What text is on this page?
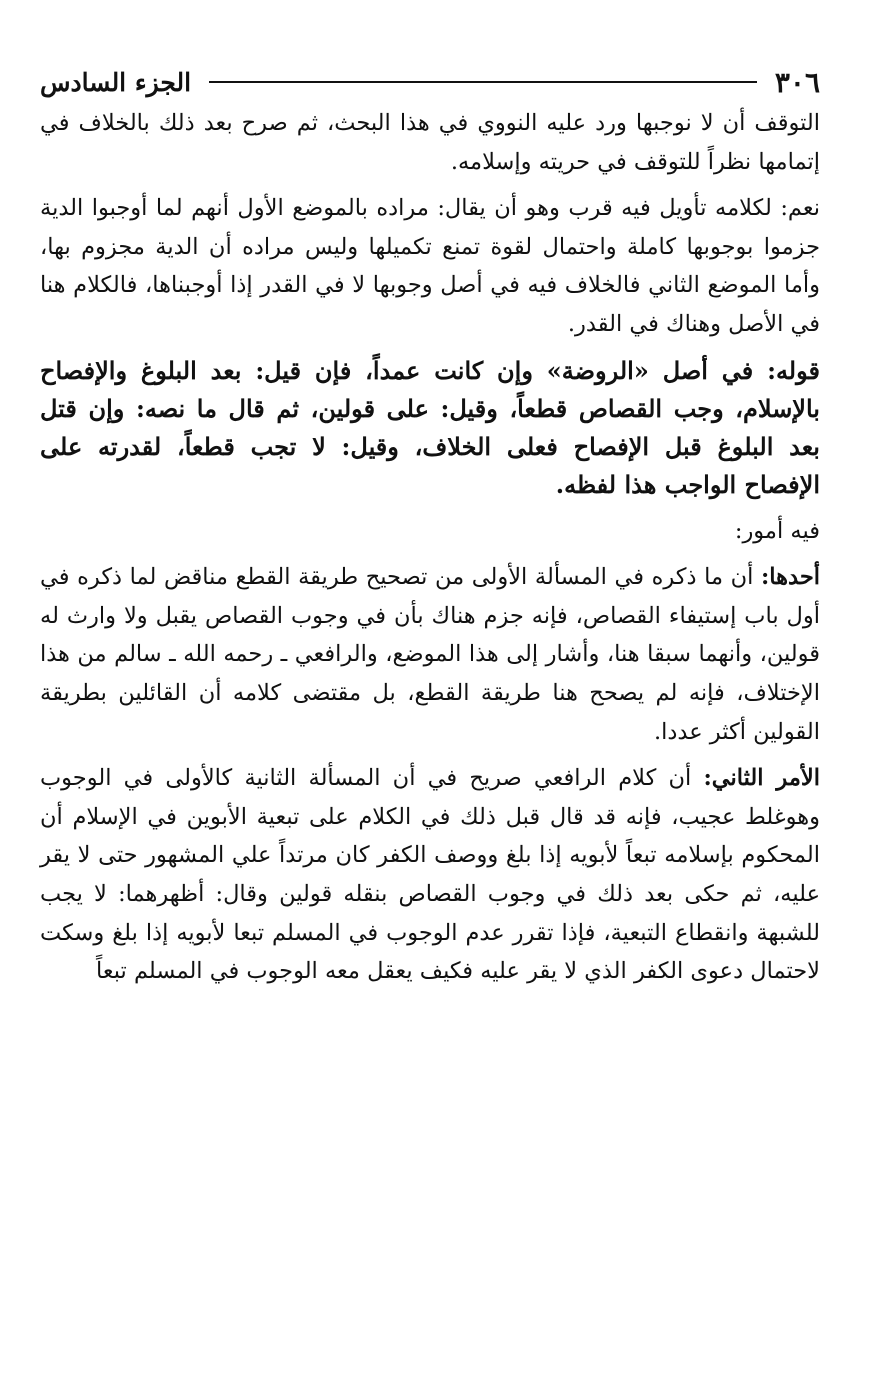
٣٠٦
الجزء السادس

التوقف أن لا نوجبها ورد عليه النووي في هذا البحث، ثم صرح بعد ذلك بالخلاف في إتمامها نظراً للتوقف في حريته وإسلامه.

نعم: لكلامه تأويل فيه قرب وهو أن يقال: مراده بالموضع الأول أنهم لما أوجبوا الدية جزموا بوجوبها كاملة واحتمال لقوة تمنع تكميلها وليس مراده أن الدية مجزوم بها، وأما الموضع الثاني فالخلاف فيه في أصل وجوبها لا في القدر إذا أوجبناها، فالكلام هنا في الأصل وهناك في القدر.

قوله: في أصل «الروضة» وإن كانت عمداً، فإن قيل: بعد البلوغ والإفصاح بالإسلام، وجب القصاص قطعاً، وقيل: على قولين، ثم قال ما نصه: وإن قتل بعد البلوغ قبل الإفصاح فعلى الخلاف، وقيل: لا تجب قطعاً، لقدرته على الإفصاح الواجب هذا لفظه.

فيه أمور:

أحدها: أن ما ذكره في المسألة الأولى من تصحيح طريقة القطع مناقض لما ذكره في أول باب إستيفاء القصاص، فإنه جزم هناك بأن في وجوب القصاص يقبل ولا وارث له قولين، وأنهما سبقا هنا، وأشار إلى هذا الموضع، والرافعي ـ رحمه الله ـ سالم من هذا الإختلاف، فإنه لم يصحح هنا طريقة القطع، بل مقتضى كلامه أن القائلين بطريقة القولين أكثر عددا.

الأمر الثاني: أن كلام الرافعي صريح في أن المسألة الثانية كالأولى في الوجوب وهوغلط عجيب، فإنه قد قال قبل ذلك في الكلام على تبعية الأبوين في الإسلام أن المحكوم بإسلامه تبعاً لأبويه إذا بلغ ووصف الكفر كان مرتداً علي المشهور حتى لا يقر عليه، ثم حكى بعد ذلك في وجوب القصاص بنقله قولين وقال: أظهرهما: لا يجب للشبهة وانقطاع التبعية، فإذا تقرر عدم الوجوب في المسلم تبعا لأبويه إذا بلغ وسكت لاحتمال دعوى الكفر الذي لا يقر عليه فكيف يعقل معه الوجوب في المسلم تبعاً
